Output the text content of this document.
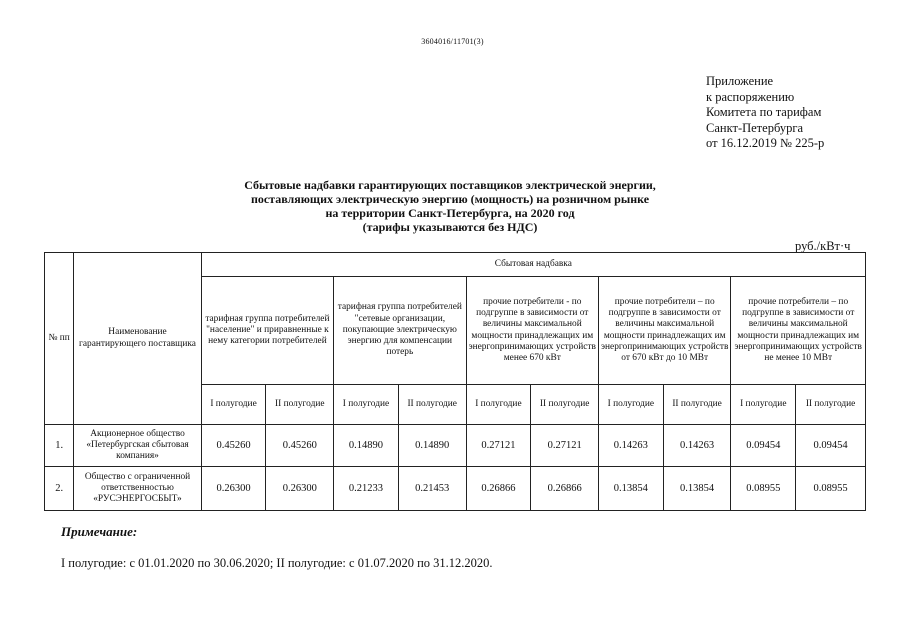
3604016/11701(3)
Приложение
к распоряжению
Комитета по тарифам
Санкт-Петербурга
от 16.12.2019 № 225-р
Сбытовые надбавки гарантирующих поставщиков электрической энергии,
поставляющих электрическую энергию (мощность) на розничном рынке
на территории Санкт-Петербурга, на 2020 год
(тарифы указываются без НДС)
руб./кВт·ч
№ пп	Наименование гарантирующего поставщика	Сбытовая надбавка									
		тарифная группа потребителей "население" и приравненные к нему категории потребителей		тарифная группа потребителей "сетевые организации, покупающие электрическую энергию для компенсации потерь		прочие потребители - по подгруппе в зависимости от величины максимальной мощности принадлежащих им энергопринимающих устройств менее 670 кВт		прочие потребители – по подгруппе в зависимости от величины максимальной мощности принадлежащих им энергопринимающих устройств от 670 кВт до 10 МВт		прочие потребители – по подгруппе в зависимости от величины максимальной мощности принадлежащих им энергопринимающих устройств не менее 10 МВт	
		I полугодие	II полугодие	I полугодие	II полугодие	I полугодие	II полугодие	I полугодие	II полугодие	I полугодие	II полугодие
1.	Акционерное общество «Петербургская сбытовая компания»	0.45260	0.45260	0.14890	0.14890	0.27121	0.27121	0.14263	0.14263	0.09454	0.09454
2.	Общество с ограниченной ответственностью «РУСЭНЕРГОСБЫТ»	0.26300	0.26300	0.21233	0.21453	0.26866	0.26866	0.13854	0.13854	0.08955	0.08955
Примечание:
I полугодие: с 01.01.2020 по 30.06.2020; II полугодие: с 01.07.2020 по 31.12.2020.
